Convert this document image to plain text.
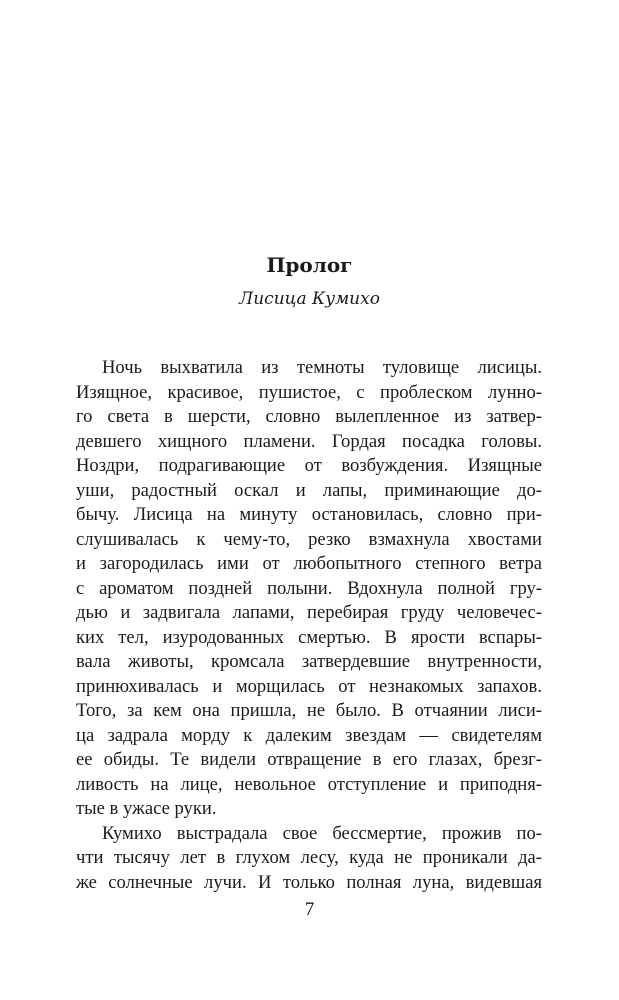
Пролог
Лисица Кумихо
Ночь выхватила из темноты туловище лисицы.
Изящное, красивое, пушистое, с проблеском лунно-
го света в шерсти, словно вылепленное из затвер-
девшего хищного пламени. Гордая посадка головы.
Ноздри, подрагивающие от возбуждения. Изящные
уши, радостный оскал и лапы, приминающие до-
бычу. Лисица на минуту остановилась, словно при-
слушивалась к чему-то, резко взмахнула хвостами
и загородилась ими от любопытного степного ветра
с ароматом поздней полыни. Вдохнула полной гру-
дью и задвигала лапами, перебирая груду человечес-
ких тел, изуродованных смертью. В ярости вспары-
вала животы, кромсала затвердевшие внутренности,
принюхивалась и морщилась от незнакомых запахов.
Того, за кем она пришла, не было. В отчаянии лиси-
ца задрала морду к далеким звездам — свидетелям
ее обиды. Те видели отвращение в его глазах, брезг-
ливость на лице, невольное отступление и приподня-
тые в ужасе руки.
Кумихо выстрадала свое бессмертие, прожив по-
чти тысячу лет в глухом лесу, куда не проникали да-
же солнечные лучи. И только полная луна, видевшая
7
